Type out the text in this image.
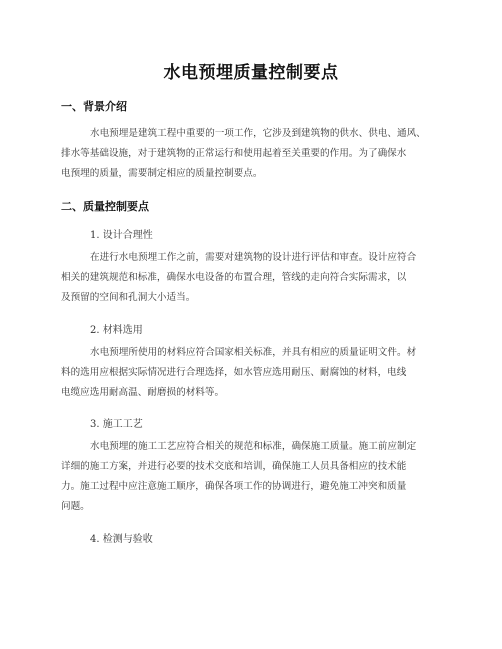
水电预埋质量控制要点
一、背景介绍
水电预埋是建筑工程中重要的一项工作，它涉及到建筑物的供水、供电、通风、
排水等基础设施，对于建筑物的正常运行和使用起着至关重要的作用。为了确保水
电预埋的质量，需要制定相应的质量控制要点。
二、质量控制要点
1. 设计合理性
在进行水电预埋工作之前，需要对建筑物的设计进行评估和审查。设计应符合
相关的建筑规范和标准，确保水电设备的布置合理，管线的走向符合实际需求，以
及预留的空间和孔洞大小适当。
2. 材料选用
水电预埋所使用的材料应符合国家相关标准，并具有相应的质量证明文件。材
料的选用应根据实际情况进行合理选择，如水管应选用耐压、耐腐蚀的材料，电线
电缆应选用耐高温、耐磨损的材料等。
3. 施工工艺
水电预埋的施工工艺应符合相关的规范和标准，确保施工质量。施工前应制定
详细的施工方案，并进行必要的技术交底和培训，确保施工人员具备相应的技术能
力。施工过程中应注意施工顺序，确保各项工作的协调进行，避免施工冲突和质量
问题。
4. 检测与验收
